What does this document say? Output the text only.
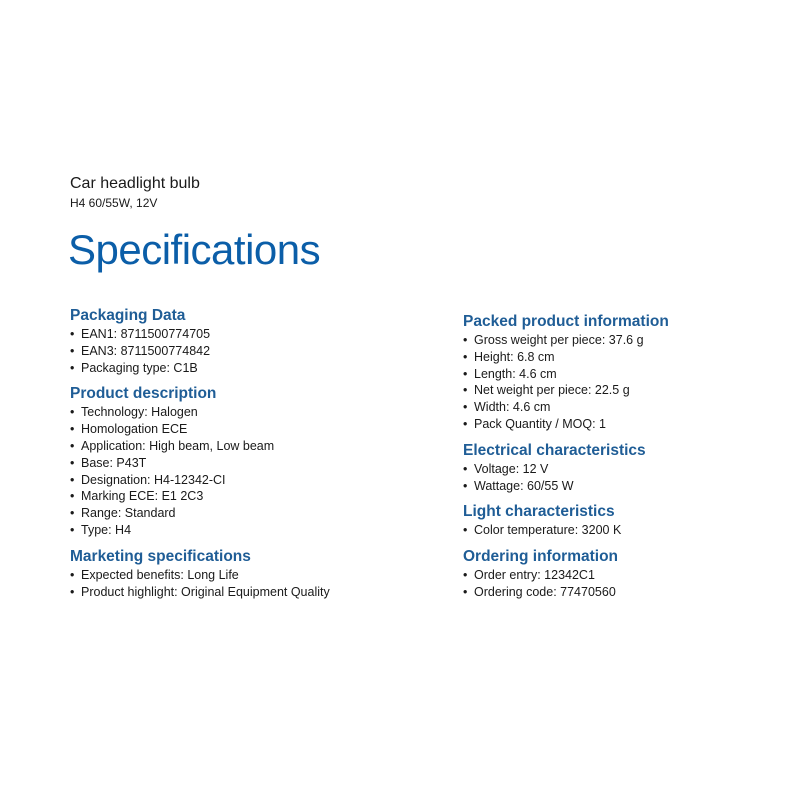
Car headlight bulb
H4 60/55W, 12V
Specifications
Packaging Data
• EAN1: 8711500774705
• EAN3: 8711500774842
• Packaging type: C1B
Product description
• Technology: Halogen
• Homologation ECE
• Application: High beam, Low beam
• Base: P43T
• Designation: H4-12342-CI
• Marking ECE: E1 2C3
• Range: Standard
• Type: H4
Marketing specifications
• Expected benefits: Long Life
• Product highlight: Original Equipment Quality
Packed product information
• Gross weight per piece: 37.6 g
• Height: 6.8 cm
• Length: 4.6 cm
• Net weight per piece: 22.5 g
• Width: 4.6 cm
• Pack Quantity / MOQ: 1
Electrical characteristics
• Voltage: 12 V
• Wattage: 60/55 W
Light characteristics
• Color temperature: 3200 K
Ordering information
• Order entry: 12342C1
• Ordering code: 77470560
